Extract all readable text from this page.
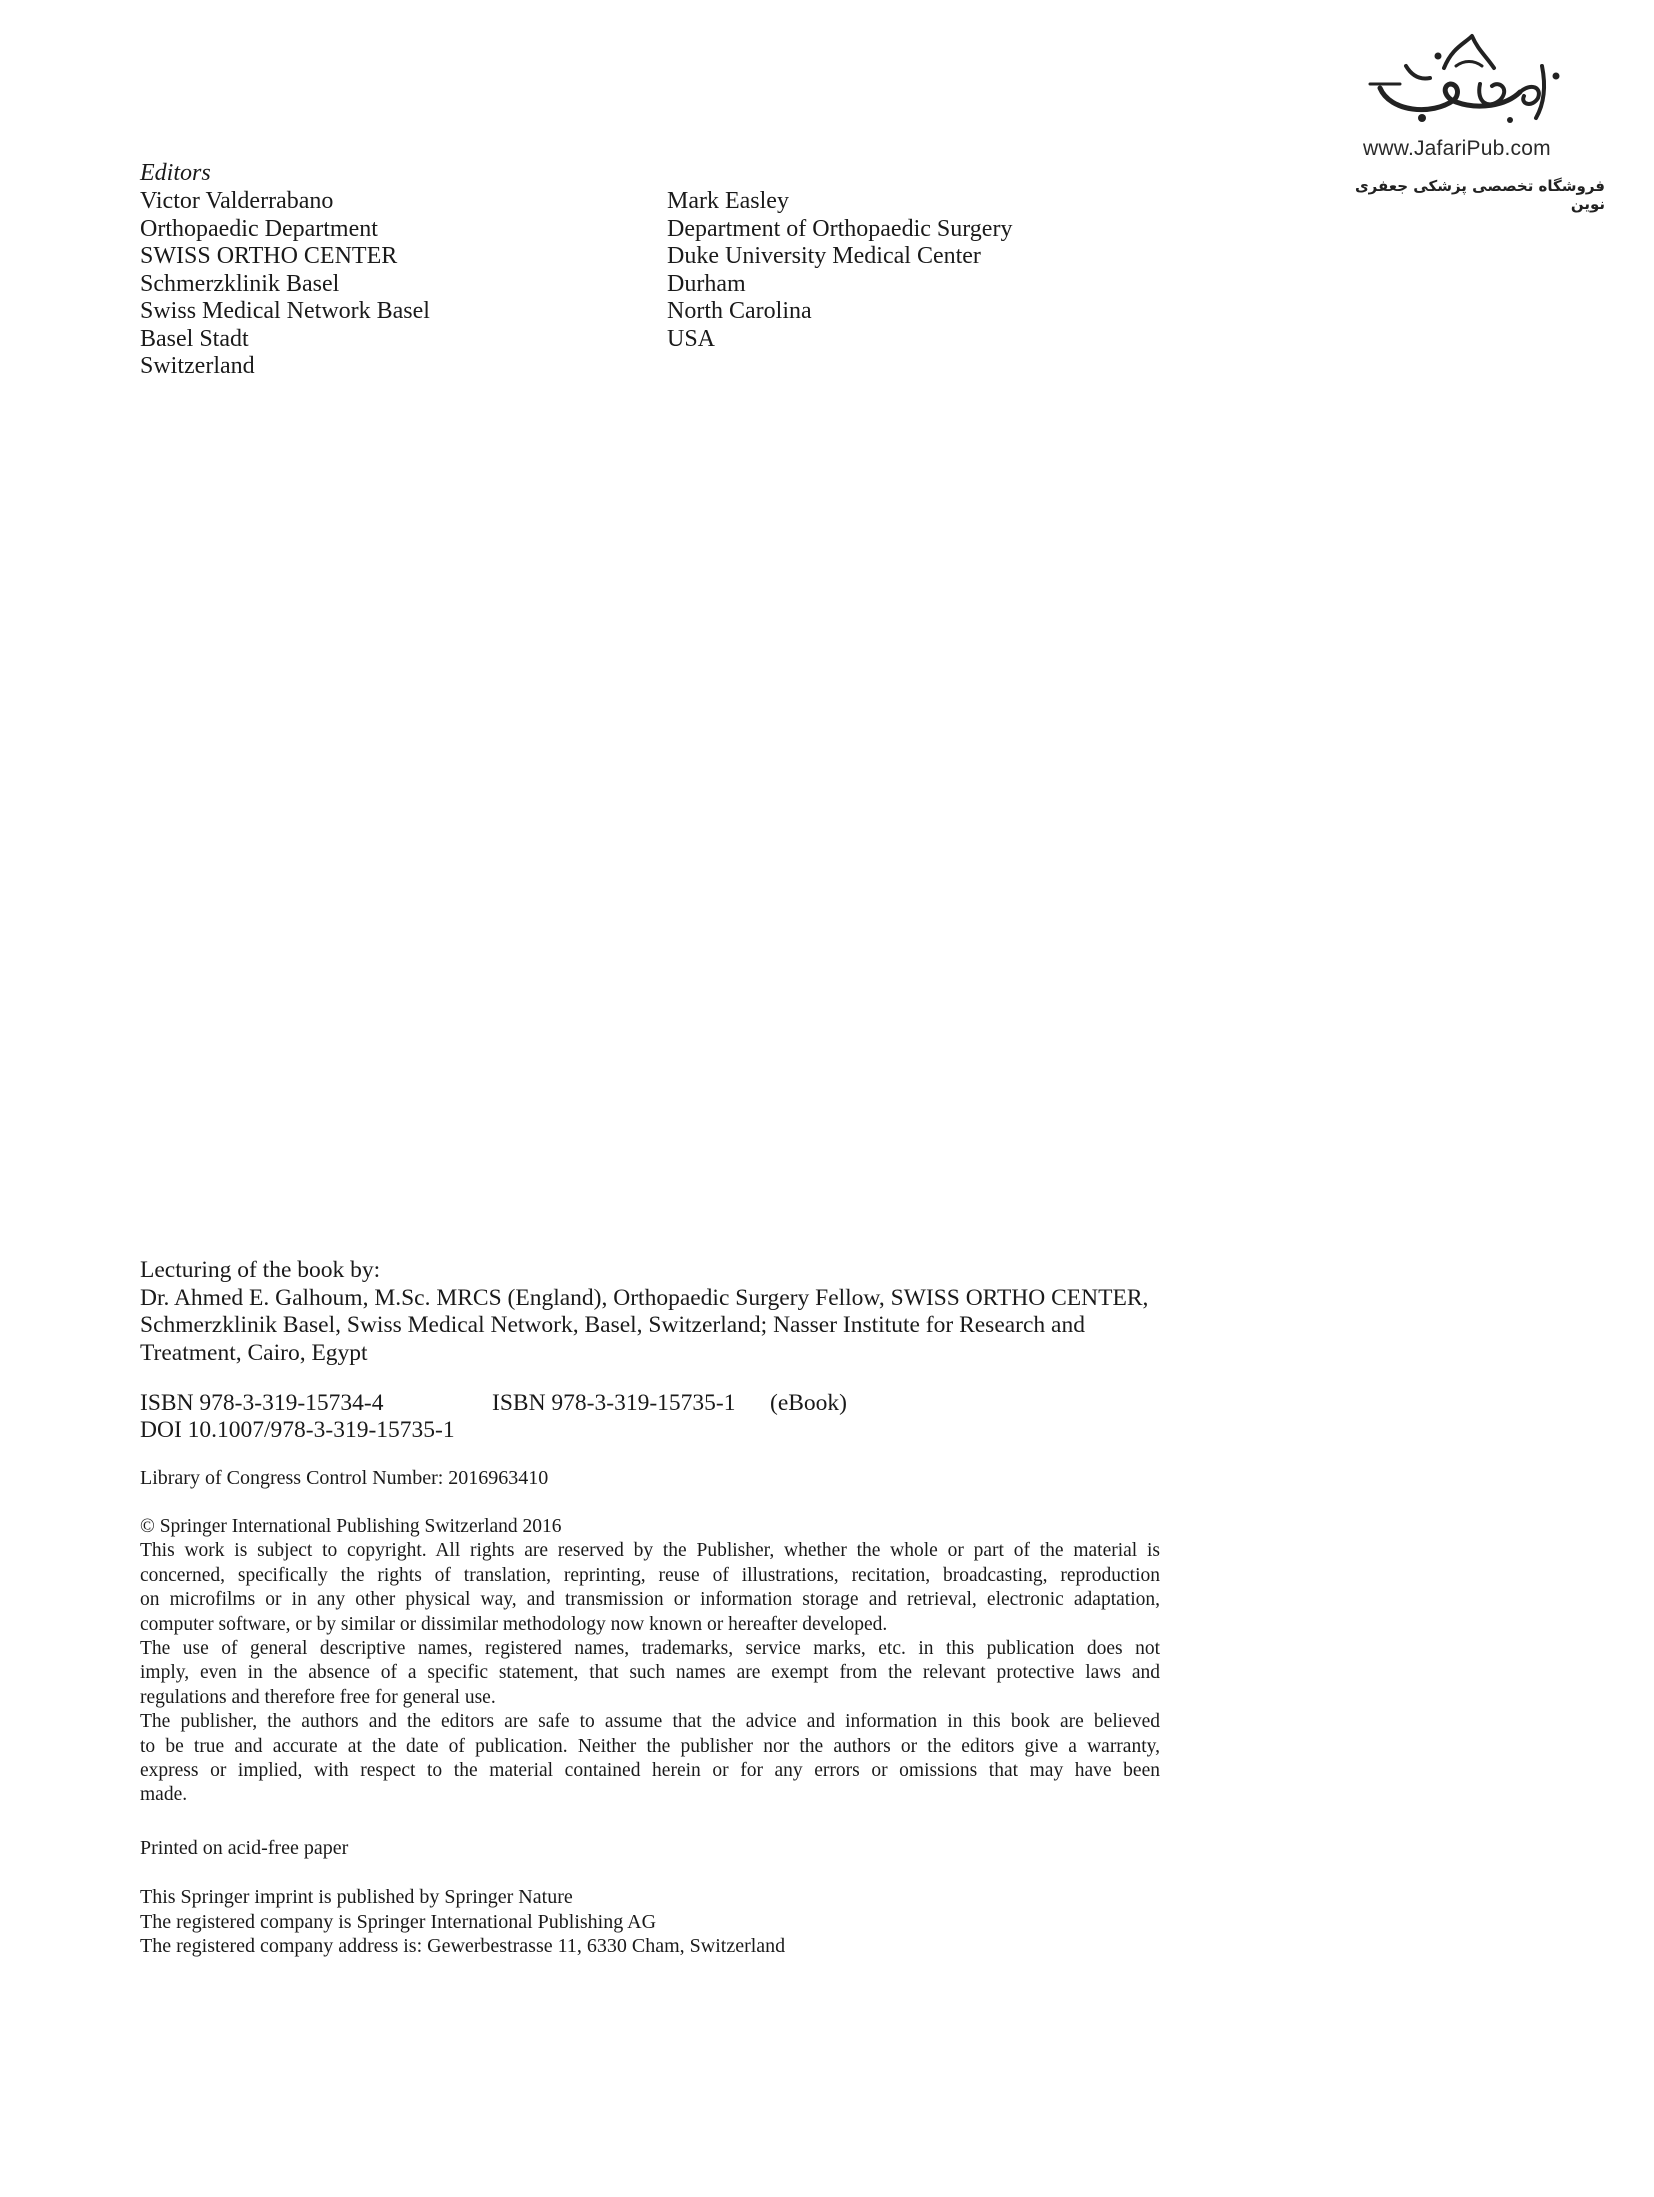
www.JafariPub.com
فروشگاه تخصصی پزشکی جعفری نوین
Editors
Victor Valderrabano
Orthopaedic Department
SWISS ORTHO CENTER
Schmerzklinik Basel
Swiss Medical Network Basel
Basel Stadt
Switzerland
Mark Easley
Department of Orthopaedic Surgery
Duke University Medical Center
Durham
North Carolina
USA
Lecturing of the book by:
Dr. Ahmed E. Galhoum, M.Sc. MRCS (England), Orthopaedic Surgery Fellow, SWISS ORTHO CENTER,
Schmerzklinik Basel, Swiss Medical Network, Basel, Switzerland; Nasser Institute for Research and
Treatment, Cairo, Egypt
ISBN 978-3-319-15734-4	ISBN 978-3-319-15735-1 (eBook)
DOI 10.1007/978-3-319-15735-1
Library of Congress Control Number: 2016963410
© Springer International Publishing Switzerland 2016
This work is subject to copyright. All rights are reserved by the Publisher, whether the whole or part of the material is
concerned, specifically the rights of translation, reprinting, reuse of illustrations, recitation, broadcasting, reproduction
on microfilms or in any other physical way, and transmission or information storage and retrieval, electronic adaptation,
computer software, or by similar or dissimilar methodology now known or hereafter developed.
The use of general descriptive names, registered names, trademarks, service marks, etc. in this publication does not
imply, even in the absence of a specific statement, that such names are exempt from the relevant protective laws and
regulations and therefore free for general use.
The publisher, the authors and the editors are safe to assume that the advice and information in this book are believed
to be true and accurate at the date of publication. Neither the publisher nor the authors or the editors give a warranty,
express or implied, with respect to the material contained herein or for any errors or omissions that may have been
made.
Printed on acid-free paper
This Springer imprint is published by Springer Nature
The registered company is Springer International Publishing AG
The registered company address is: Gewerbestrasse 11, 6330 Cham, Switzerland
